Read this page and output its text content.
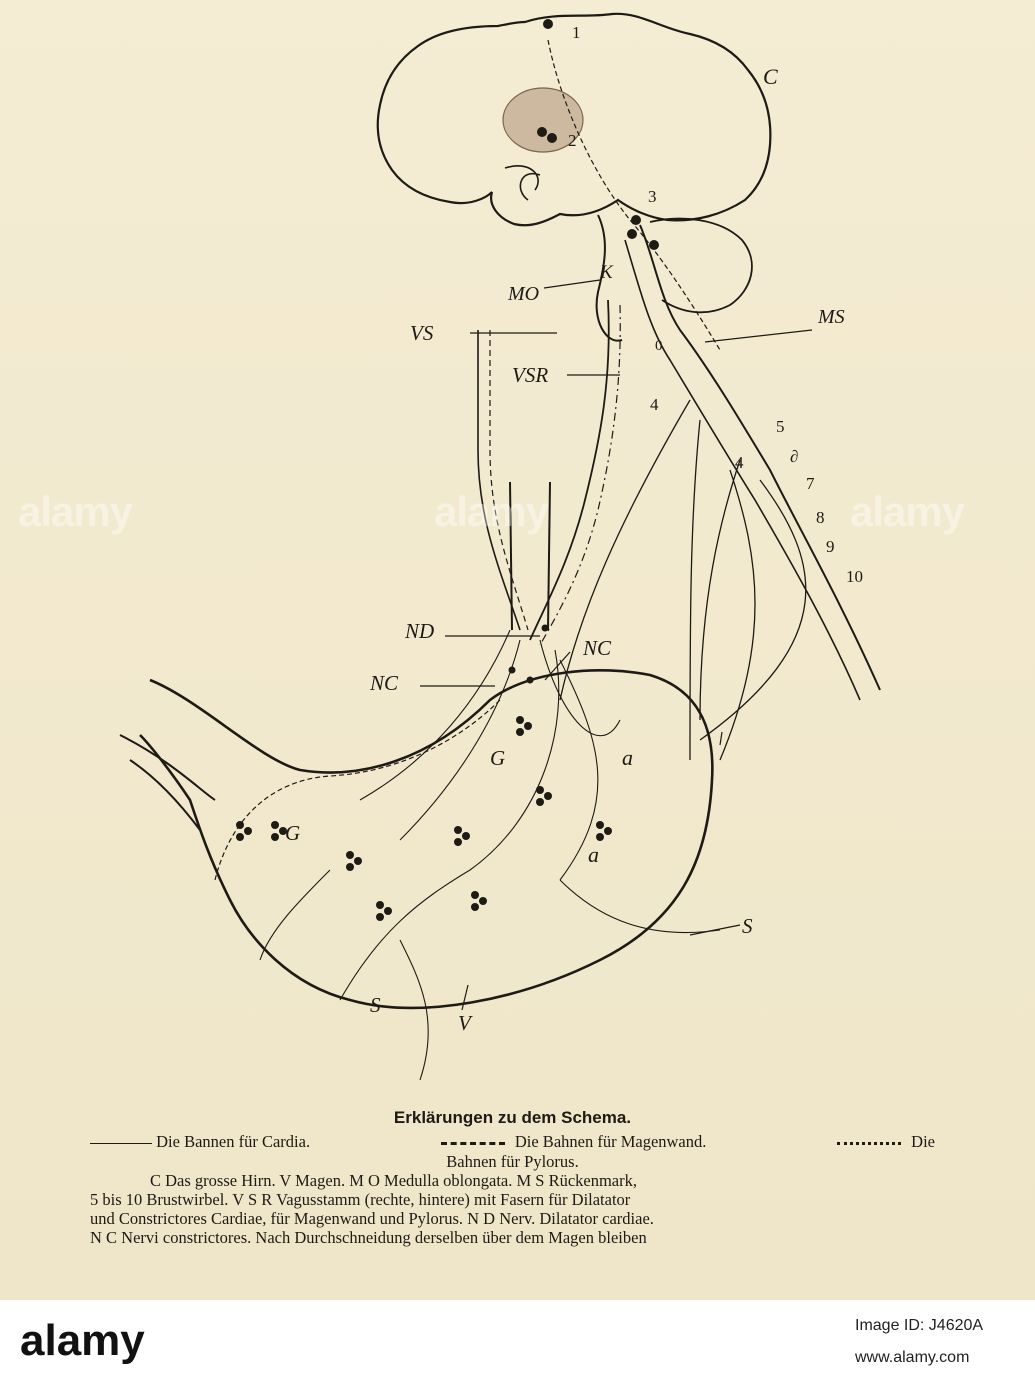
1
2
3
4
4
5
∂
7
8
9
10
0
C
K
MO
MS
VS
VSR
ND
NC
NC
G
G
a
a
S
S
V
alamy	alamy	alamy
Erklärungen zu dem Schema.
Die Bannen für Cardia.	Die Bahnen für Magenwand.	Die
Bahnen für Pylorus.
C Das grosse Hirn. V Magen. M O Medulla oblongata. M S Rückenmark,
5 bis 10 Brustwirbel. V S R Vagusstamm (rechte, hintere) mit Fasern für Dilatator
und Constrictores Cardiae, für Magenwand und Pylorus. N D Nerv. Dilatator cardiae.
N C Nervi constrictores. Nach Durchschneidung derselben über dem Magen bleiben
alamy	Image ID: J4620A
www.alamy.com
